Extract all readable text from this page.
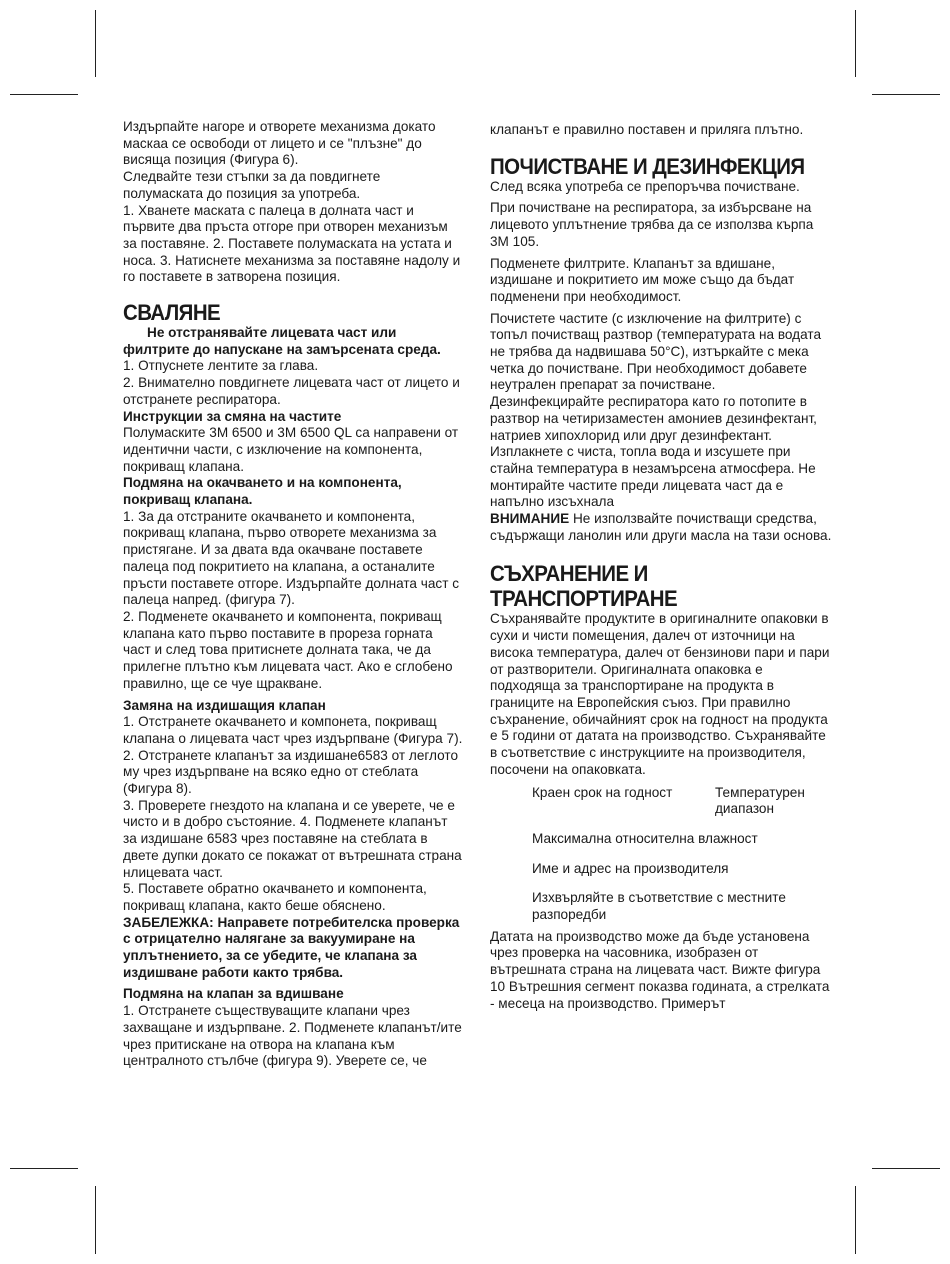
Издърпайте нагоре и отворете механизма докато маскаа се освободи от лицето и се "плъзне" до висяща позиция (Фигура 6).

Следвайте тези стъпки за да повдигнете полумаската до позиция за употреба.

1. Хванете маската с палеца в долната част и първите два пръста отгоре при отворен механизъм за поставяне. 2. Поставете полумаската на устата и носа. 3. Натиснете механизма за поставяне надолу и го поставете в затворена позиция.

СВАЛЯНЕ

Не отстранявайте лицевата част или филтрите до напускане на замърсената среда.

1. Отпуснете лентите за глава.

2. Внимателно повдигнете лицевата част от лицето и отстранете респиратора.

Инструкции за смяна на частите

Полумаските 3M 6500 и 3M 6500 QL са направени от идентични части, с изключение на компонента, покриващ клапана.

Подмяна на окачването и на компонента, покриващ клапана.

1. За да отстраните окачването и компонента, покриващ клапана, първо отворете механизма за пристягане. И за двата вда окачване поставете палеца под покритието на клапана, а останалите пръсти поставете отгоре. Издърпайте долната част с палеца напред. (фигура 7).

2. Подменете окачването и компонента, покриващ клапана като първо поставите в прореза горната част и след това притиснете долната така, че да прилегне плътно към лицевата част. Ако е сглобено правилно, ще се чуе щракване.

Замяна на издишащия клапан

1. Отстранете окачването и компонета, покриващ клапана о лицевата част чрез издърпване (Фигура 7). 2. Отстранете клапанът за издишане6583 от леглото му чрез издърпване на всяко едно от стеблата (Фигура 8).

3. Проверете гнездото на клапана и се уверете, че е чисто и в добро състояние. 4. Подменете клапанът за издишане 6583 чрез поставяне на стеблата в двете дупки докато се покажат от вътрешната страна нлицевата част.

5. Поставете обратно окачването и компонента, покриващ клапана, както беше обяснено.

ЗАБЕЛЕЖКА: Направете потребителска проверка с отрицателно налягане за вакуумиране на уплътнението, за се убедите, че клапана за издишване работи както трябва.

Подмяна на клапан за вдишване

1. Отстранете съществуващите клапани чрез захващане и издърпване. 2. Подменете клапанът/ите чрез притискане на отвора на клапана към централното стълбче (фигура 9). Уверете се, че

клапанът е правилно поставен и приляга плътно.

ПОЧИСТВАНЕ И ДЕЗИНФЕКЦИЯ

След всяка употреба се препоръчва почистване.

При почистване на респиратора, за избърсване на лицевото уплътнение трябва да се използва кърпа 3M 105.

Подменете филтрите. Клапанът за вдишане, издишане и покритието им може също да бъдат подменени при необходимост.

Почистете частите (с изключение на филтрите) с топъл почистващ разтвор (температурата на водата не трябва да надвишава 50°C), изтъркайте с мека четка до почистване. При необходимост добавете неутрален препарат за почистване. Дезинфекцирайте респиратора като го потопите в разтвор на четиризаместен амониев дезинфектант, натриев хипохлорид или друг дезинфектант. Изплакнете с чиста, топла вода и изсушете при стайна температура в незамърсена атмосфера. Не монтирайте частите преди лицевата част да е напълно изсъхнала

ВНИМАНИЕ Не използвайте почистващи средства, съдържащи ланолин или други масла на тази основа.

СЪХРАНЕНИЕ И
ТРАНСПОРТИРАНЕ

Съхранявайте продуктите в оригиналните опаковки в сухи и чисти помещения, далеч от източници на висока температура, далеч от бензинови пари и пари от разтворители. Оригиналната опаковка е подходяща за транспортиране на продукта в границите на Европейския съюз. При правилно съхранение, обичайният срок на годност на продукта е 5 години от датата на производство. Съхранявайте в съответствие с инструкциите на производителя, посочени на опаковката.

Краен срок на годност	Температурен диапазон
Максимална относителна влажност
Име и адрес на производителя
Изхвърляйте в съответствие с местните разпоредби

Датата на производство може да бъде установена чрез проверка на часовника, изобразен от вътрешната страна на лицевата част. Вижте фигура 10 Вътрешния сегмент показва годината, а стрелката - месеца на производство. Примерът
